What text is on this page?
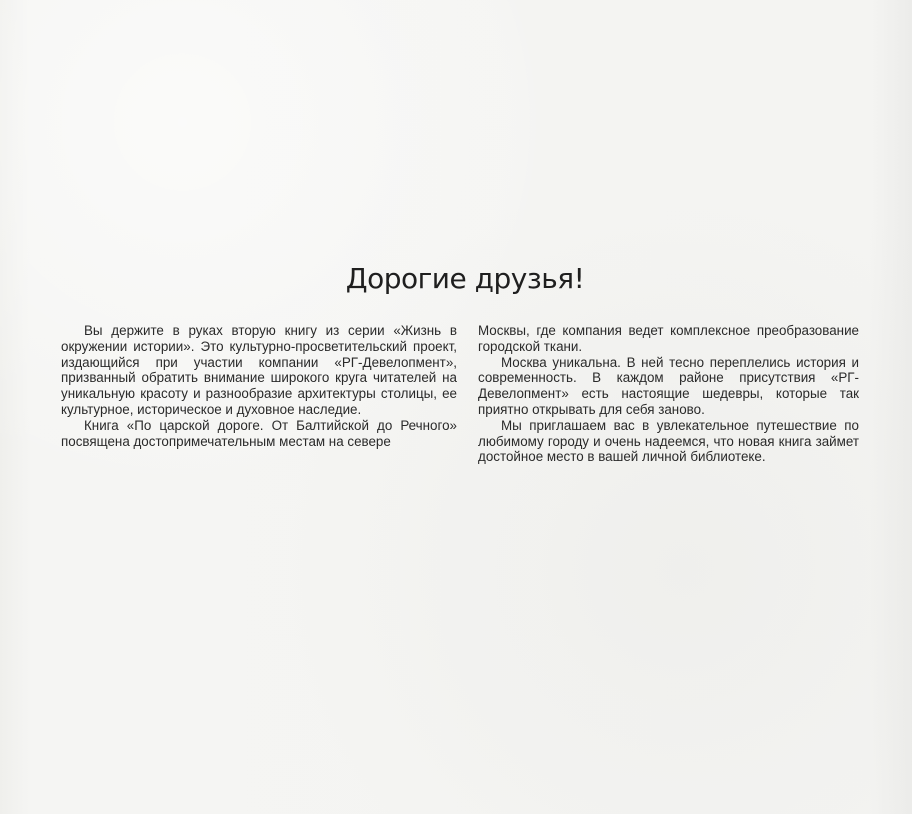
Дорогие друзья!

Вы держите в руках вторую книгу из серии «Жизнь в окружении истории». Это культурно-просветительский проект, издающийся при участии компании «РГ-Девелопмент», призванный обратить внимание широкого круга читателей на уникальную красоту и разнообразие архитектуры столицы, ее культурное, историческое и духовное наследие.

Книга «По царской дороге. От Балтийской до Речного» посвящена достопримечательным местам на севере

Москвы, где компания ведет комплексное преобразование городской ткани.

Москва уникальна. В ней тесно переплелись история и современность. В каждом районе присутствия «РГ-Девелопмент» есть настоящие шедевры, которые так приятно открывать для себя заново.

Мы приглашаем вас в увлекательное путешествие по любимому городу и очень надеемся, что новая книга займет достойное место в вашей личной библиотеке.
